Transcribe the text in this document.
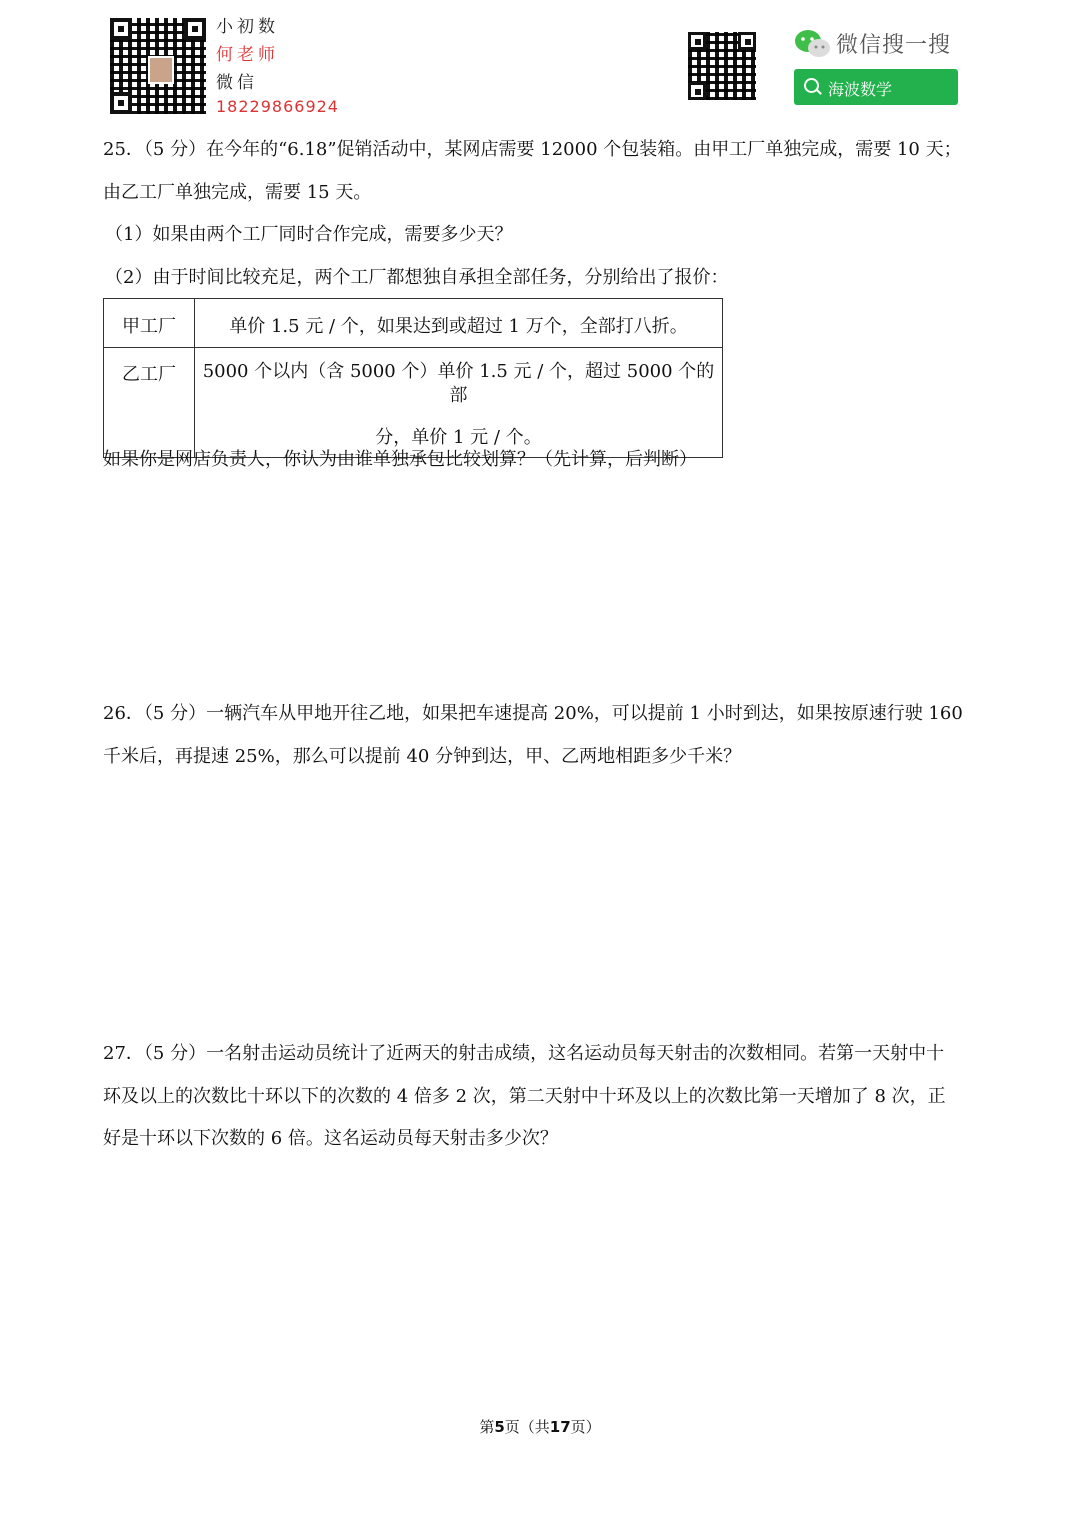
小初数
何老师
微信
18229866924
微信搜一搜
海波数学
25．（5 分）在今年的“6.18”促销活动中，某网店需要 12000 个包装箱。由甲工厂单独完成，需要 10 天；
由乙工厂单独完成，需要 15 天。
（1）如果由两个工厂同时合作完成，需要多少天？
（2）由于时间比较充足，两个工厂都想独自承担全部任务，分别给出了报价：
甲工厂	单价 1.5 元 / 个，如果达到或超过 1 万个，全部打八折。
乙工厂	5000 个以内（含 5000 个）单价 1.5 元 / 个，超过 5000 个的部
分，单价 1 元 / 个。
如果你是网店负责人，你认为由谁单独承包比较划算？（先计算，后判断）
26．（5 分）一辆汽车从甲地开往乙地，如果把车速提高 20%，可以提前 1 小时到达，如果按原速行驶 160
千米后，再提速 25%，那么可以提前 40 分钟到达，甲、乙两地相距多少千米？
27．（5 分）一名射击运动员统计了近两天的射击成绩，这名运动员每天射击的次数相同。若第一天射中十
环及以上的次数比十环以下的次数的 4 倍多 2 次，第二天射中十环及以上的次数比第一天增加了 8 次，正
好是十环以下次数的 6 倍。这名运动员每天射击多少次？
第5页（共17页）
